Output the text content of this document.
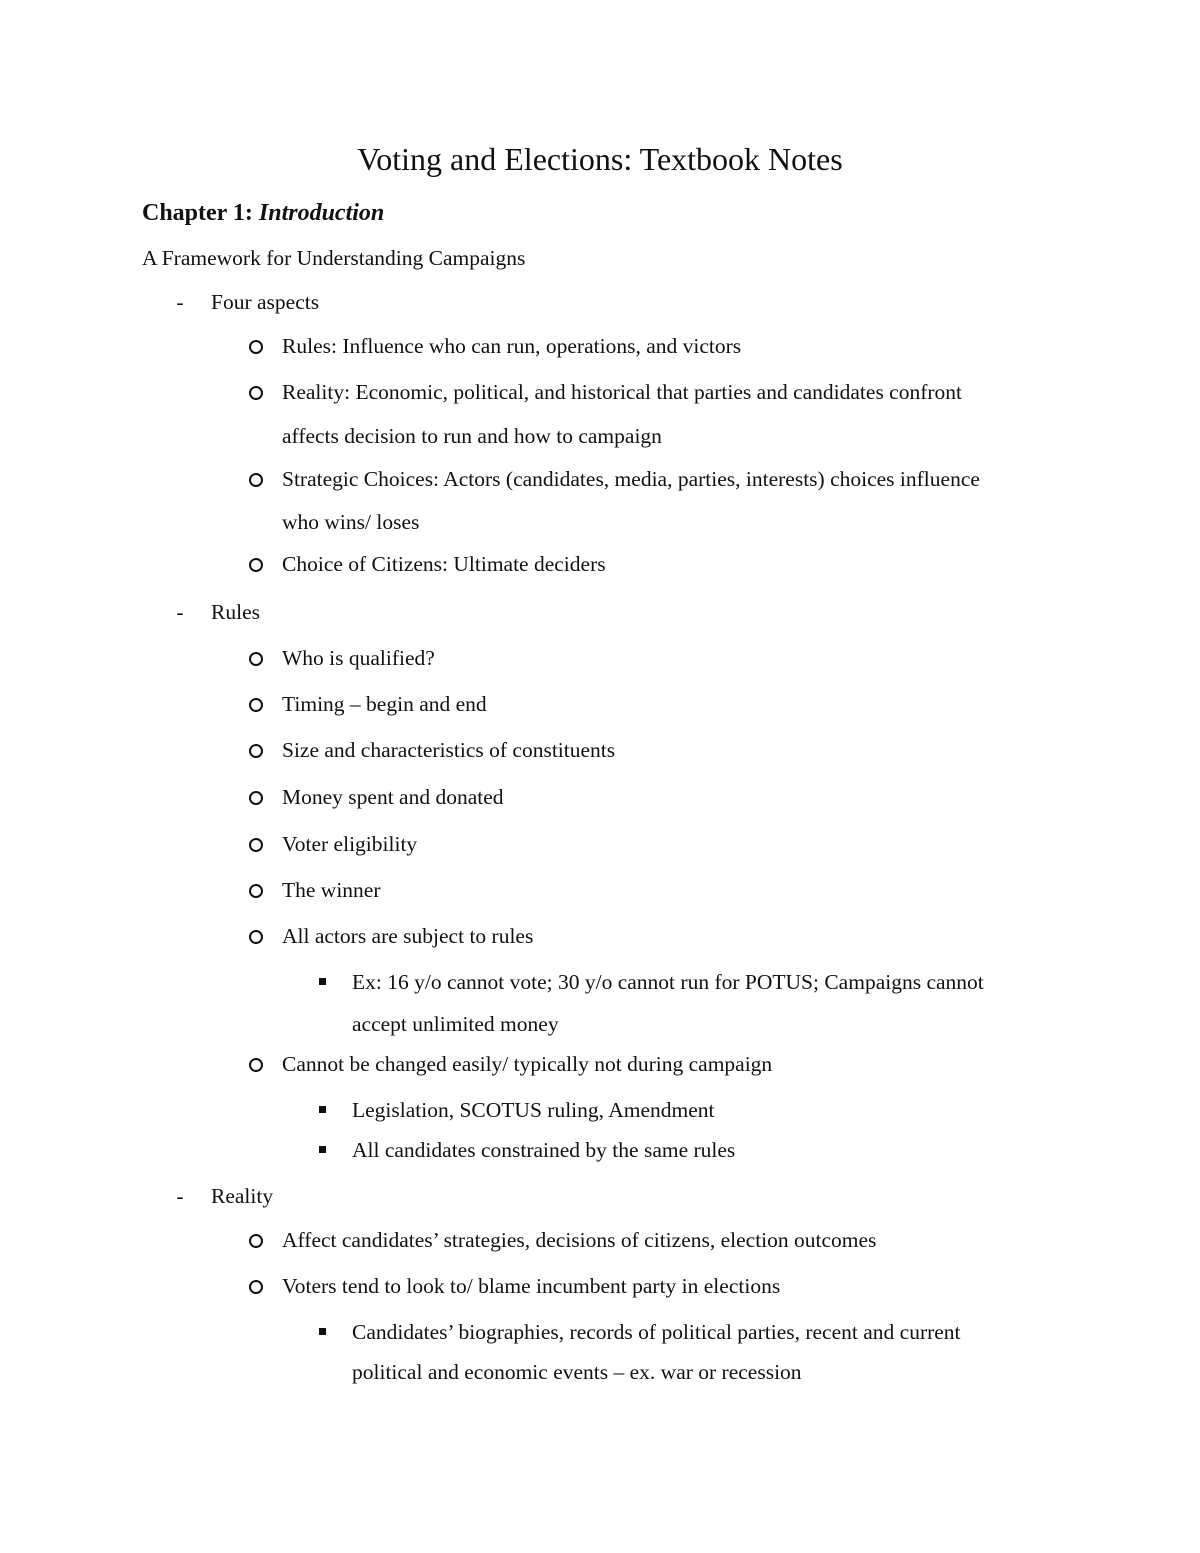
Voting and Elections: Textbook Notes
Chapter 1: Introduction
A Framework for Understanding Campaigns
Four aspects
-
Rules: Influence who can run, operations, and victors
Reality: Economic, political, and historical that parties and candidates confront
affects decision to run and how to campaign
Strategic Choices: Actors (candidates, media, parties, interests) choices influence
who wins/ loses
Choice of Citizens: Ultimate deciders
Rules
-
Who is qualified?
Timing – begin and end
Size and characteristics of constituents
Money spent and donated
Voter eligibility
The winner
All actors are subject to rules
Ex: 16 y/o cannot vote; 30 y/o cannot run for POTUS; Campaigns cannot
accept unlimited money
Cannot be changed easily/ typically not during campaign
Legislation, SCOTUS ruling, Amendment
All candidates constrained by the same rules
Reality
-
Affect candidates’ strategies, decisions of citizens, election outcomes
Voters tend to look to/ blame incumbent party in elections
Candidates’ biographies, records of political parties, recent and current
political and economic events – ex. war or recession
